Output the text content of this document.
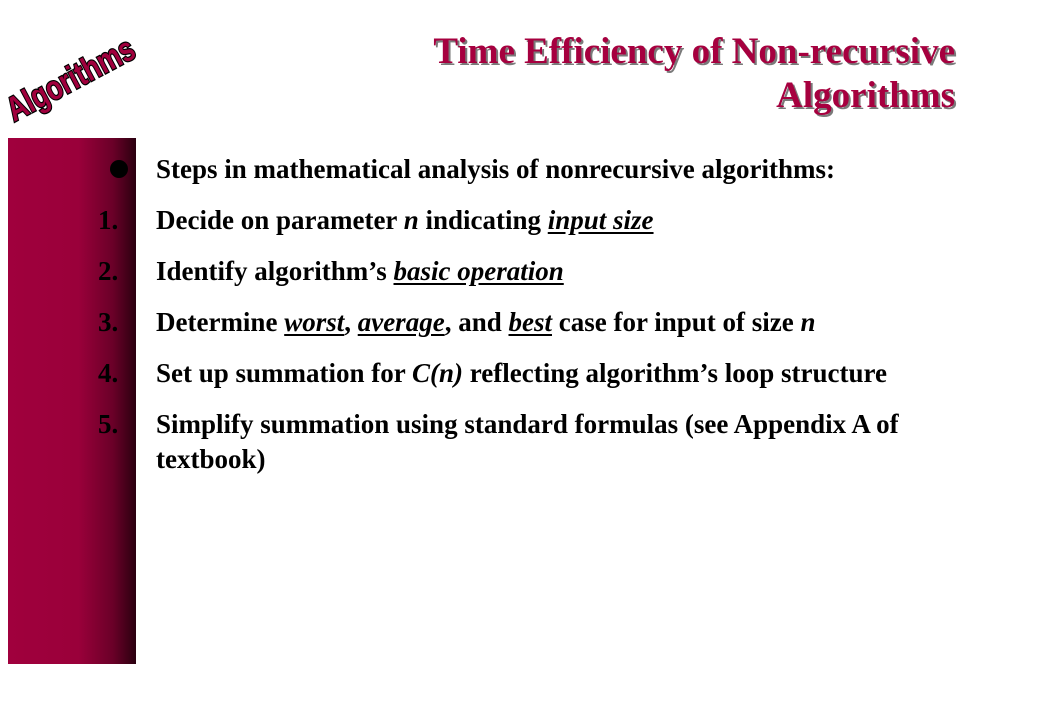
Algorithms	Time Efficiency of Non-recursive
Algorithms
Steps in mathematical analysis of nonrecursive algorithms:
1.	Decide on parameter n indicating input size
2.	Identify algorithm’s basic operation
3.	Determine worst, average, and best case for input of size n
4.	Set up summation for C(n) reflecting algorithm’s loop structure
5.	Simplify summation using standard formulas (see Appendix A of textbook)
